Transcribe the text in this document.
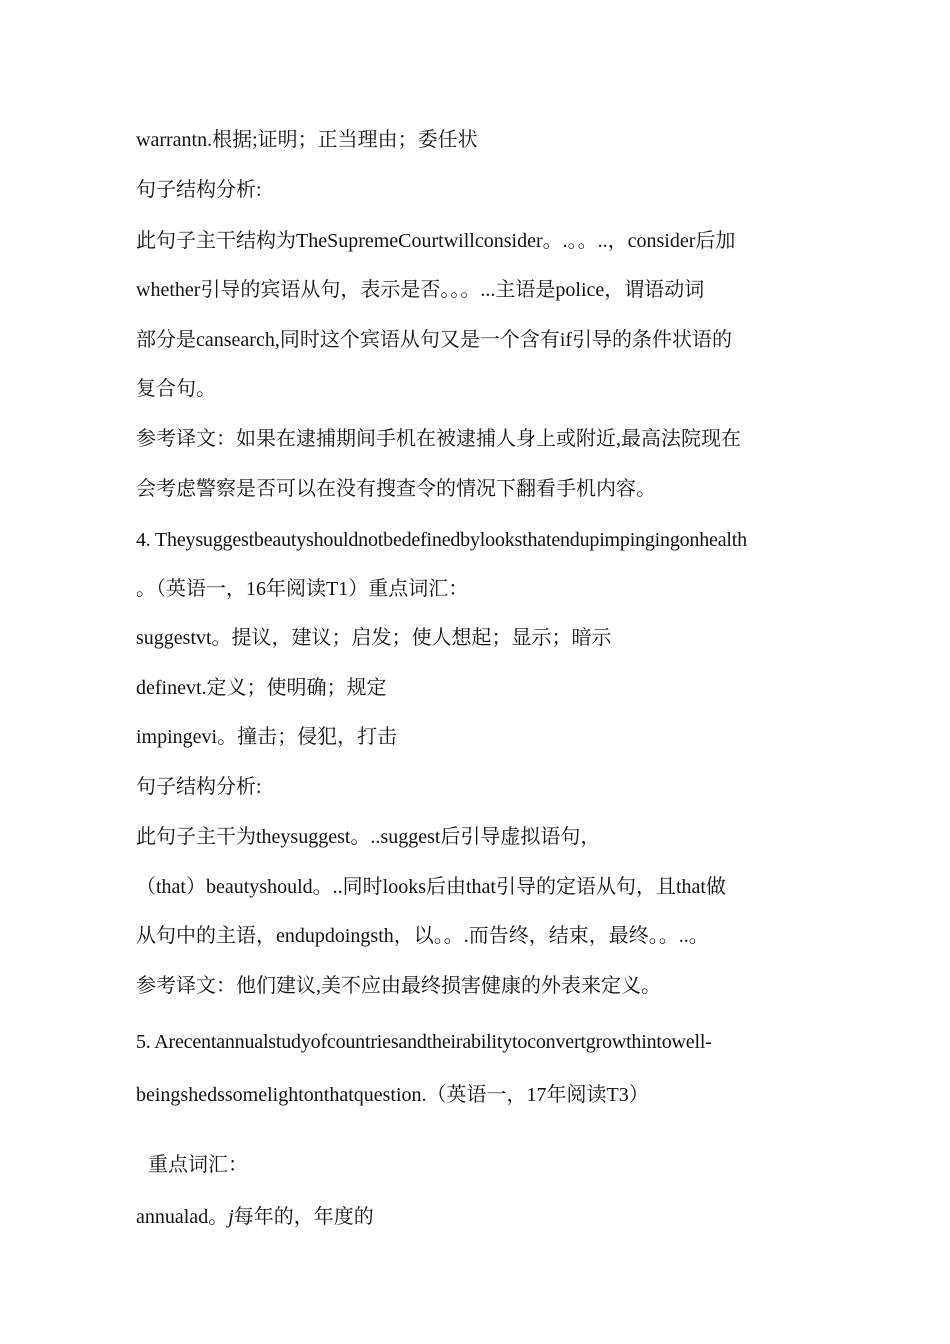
warrantn.根据;证明；正当理由；委任状
句子结构分析:
此句子主干结构为TheSupremeCourtwillconsider。.。。..，consider后加
whether引导的宾语从句，表示是否。。。...主语是police，谓语动词
部分是cansearch,同时这个宾语从句又是一个含有if引导的条件状语的
复合句。
参考译文：如果在逮捕期间手机在被逮捕人身上或附近,最高法院现在
会考虑警察是否可以在没有搜查令的情况下翻看手机内容。
4. Theysuggestbeautyshouldnotbedefinedbylooksthatendupimpingingonhealth
。（英语一，16年阅读T1）重点词汇：
suggestvt。提议，建议；启发；使人想起；显示；暗示
definevt.定义；使明确；规定
impingevi。撞击；侵犯，打击
句子结构分析:
此句子主干为theysuggest。..suggest后引导虚拟语句，
（that）beautyshould。..同时looks后由that引导的定语从句，且that做
从句中的主语，endupdoingsth，以。。.而告终，结束，最终。。..。
参考译文：他们建议,美不应由最终损害健康的外表来定义。
5. Arecentannualstudyofcountriesandtheirabilitytoconvertgrowthintowell-
beingshedssomelightonthatquestion.（英语一，17年阅读T3）
重点词汇：
annualad。j每年的，年度的
